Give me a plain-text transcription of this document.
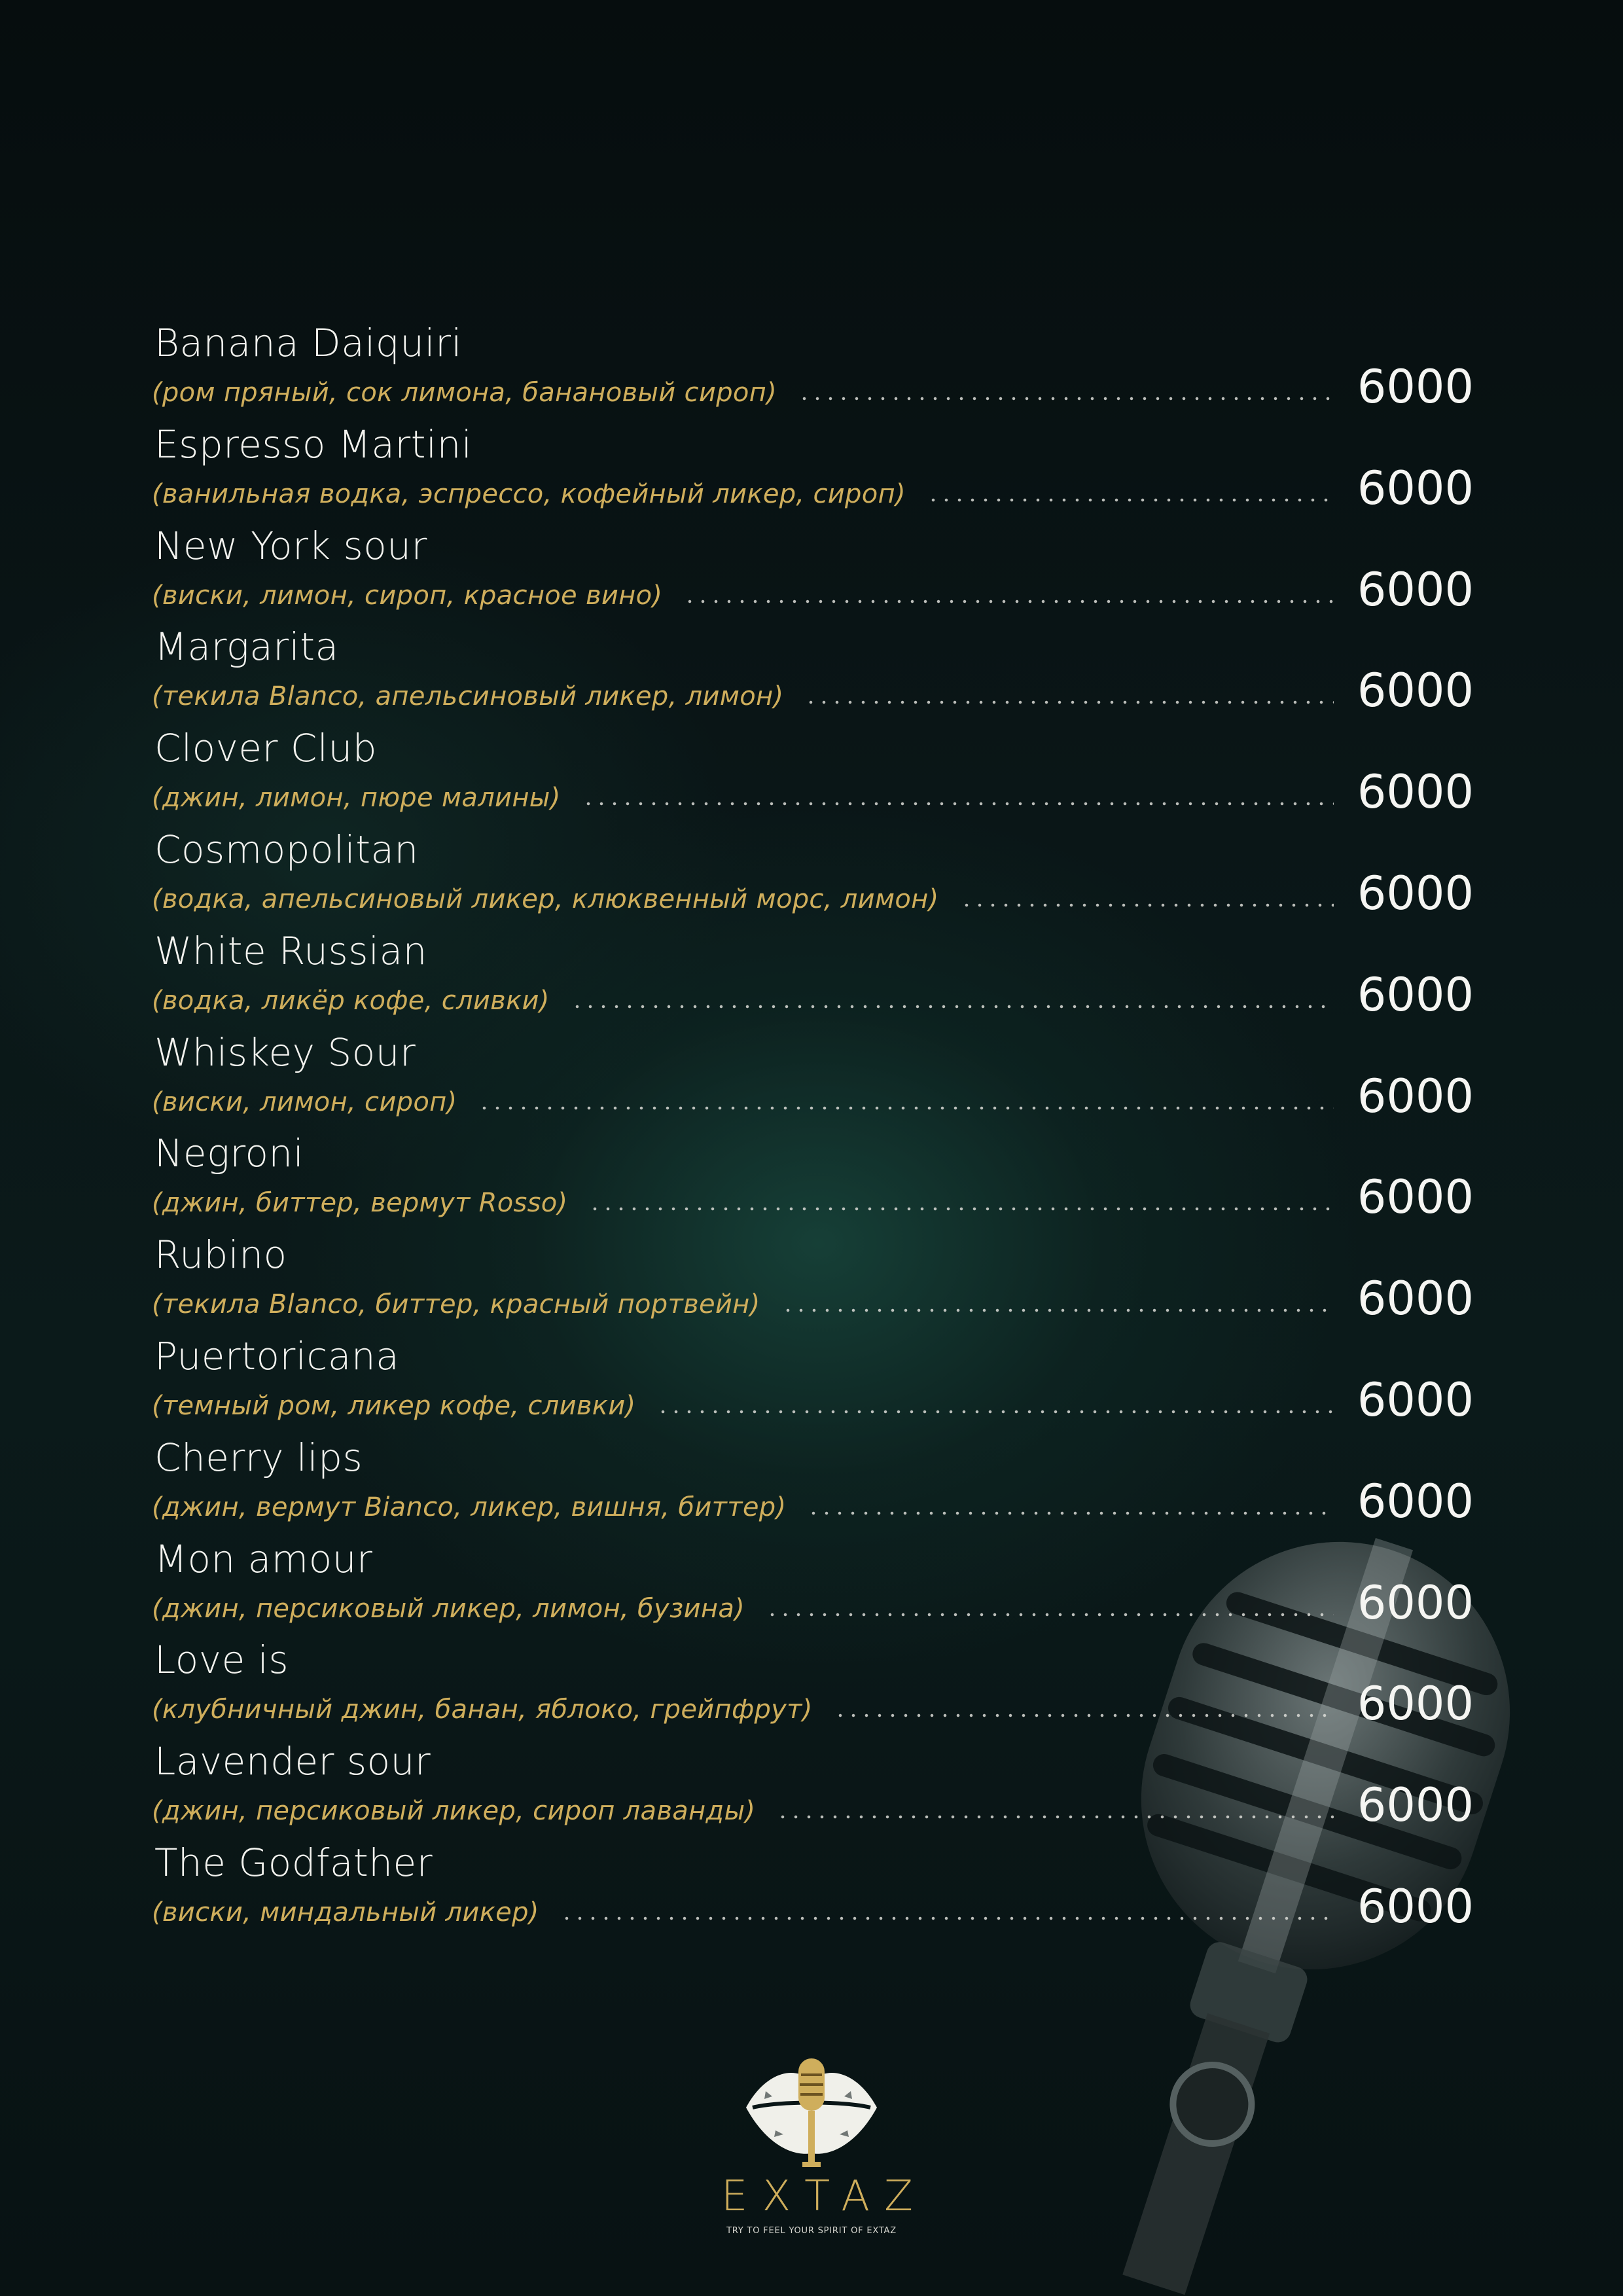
Banana Daiquiri
(ром пряный, сок лимона, банановый сироп)	6000
Espresso Martini
(ванильная водка, эспрессо, кофейный ликер, сироп)	6000
New York sour
(виски, лимон, сироп, красное вино)	6000
Margarita
(текила Blanco, апельсиновый ликер, лимон)	6000
Clover Club
(джин, лимон, пюре малины)	6000
Cosmopolitan
(водка, апельсиновый ликер, клюквенный морс, лимон)	6000
White Russian
(водка, ликёр кофе, сливки)	6000
Whiskey Sour
(виски, лимон, сироп)	6000
Negroni
(джин, биттер, вермут Rosso)	6000
Rubino
(текила Blanco, биттер, красный портвейн)	6000
Puertoricana
(темный ром, ликер кофе, сливки)	6000
Cherry lips
(джин, вермут Bianco, ликер, вишня, биттер)	6000
Mon amour
(джин, персиковый ликер, лимон, бузина)	6000
Love is
(клубничный джин, банан, яблоко, грейпфрут)	6000
Lavender sour
(джин, персиковый ликер, сироп лаванды)	6000
The Godfather
(виски, миндальный ликер)	6000
EXTAZ
TRY TO FEEL YOUR SPIRIT OF EXTAZ
